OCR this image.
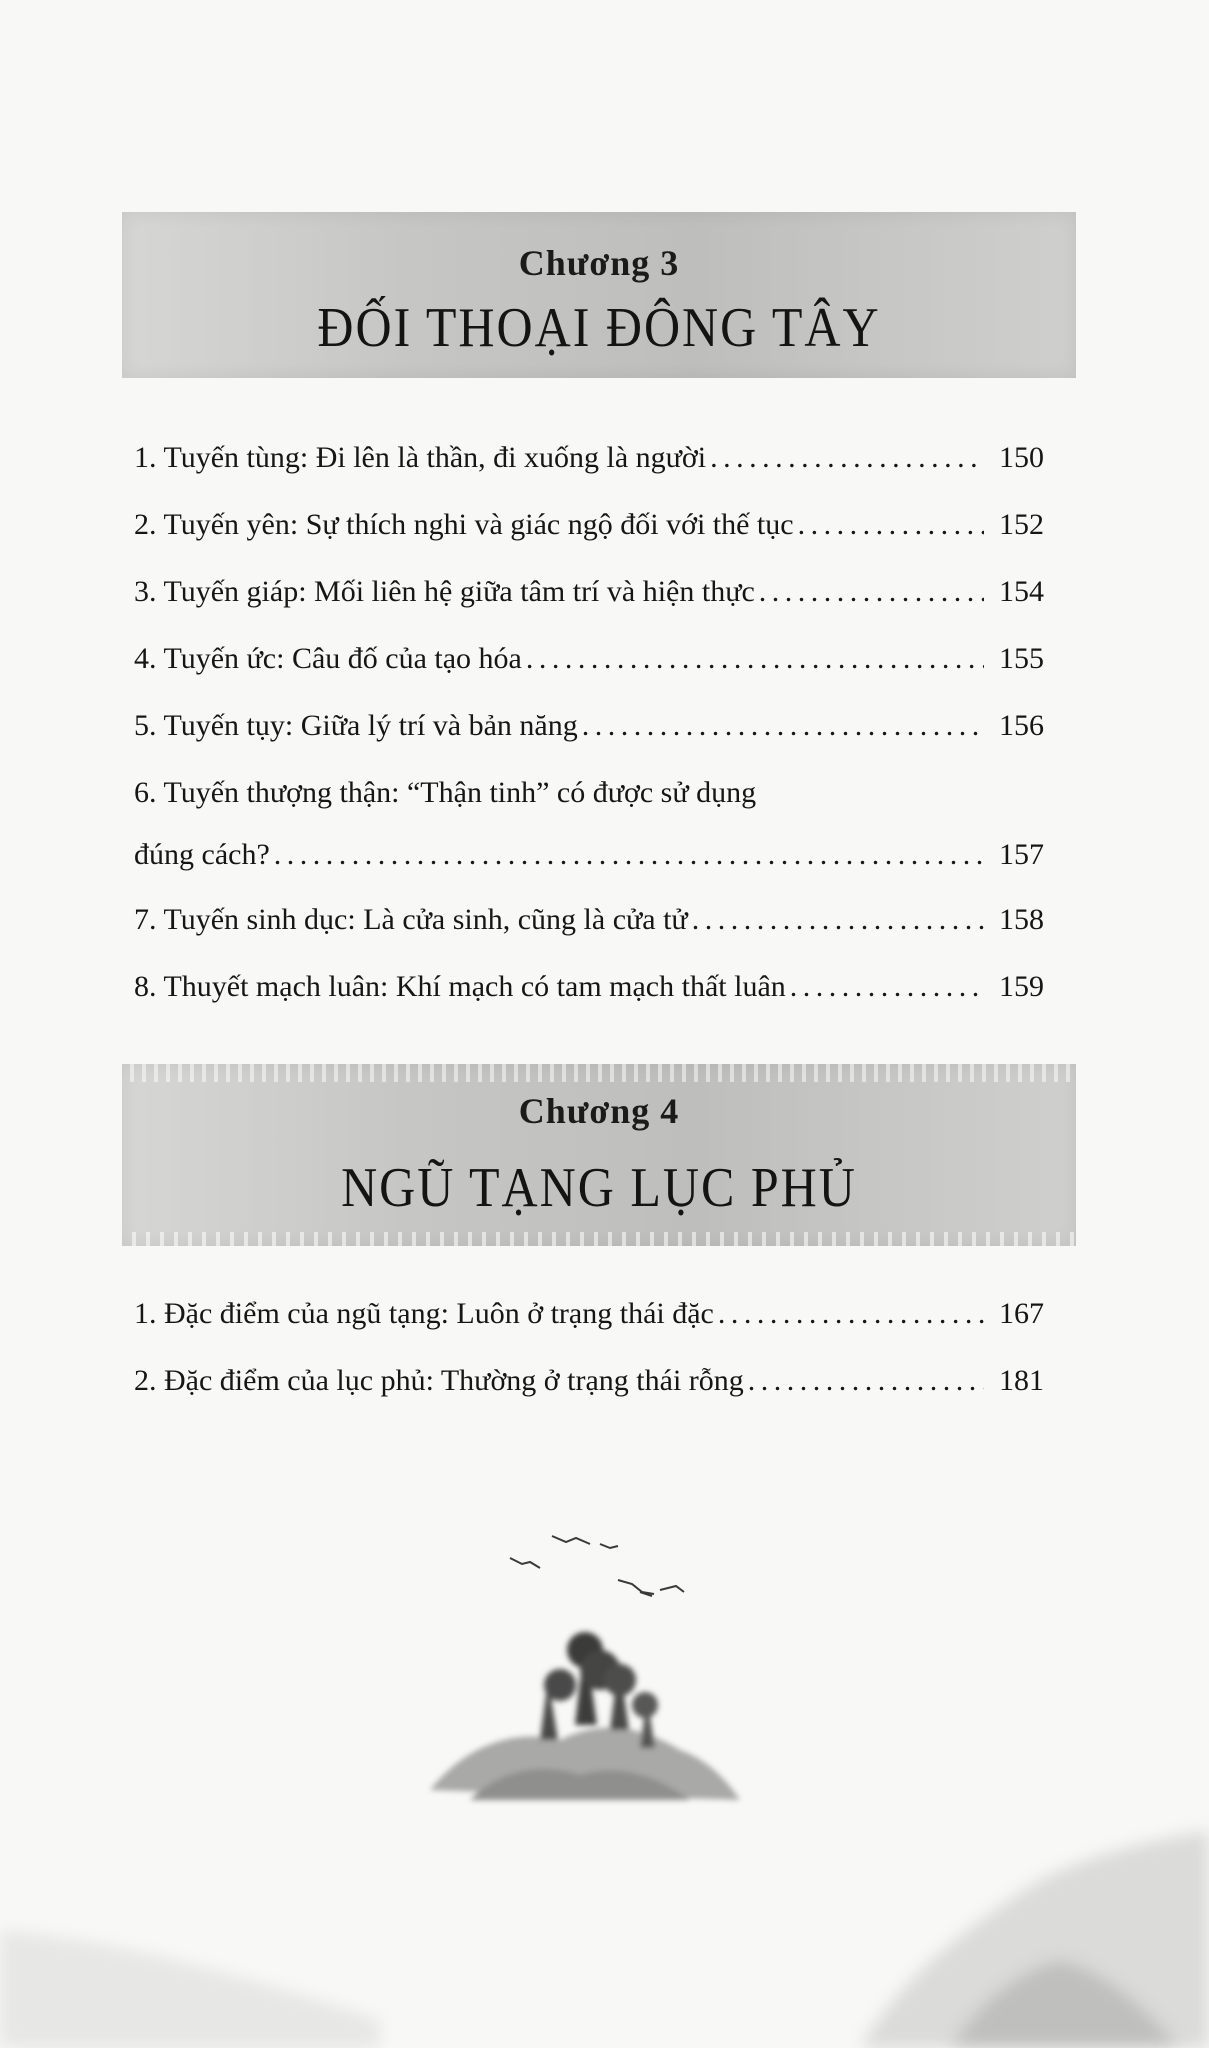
Chương 3
ĐỐI THOẠI ĐÔNG TÂY
1. Tuyến tùng: Đi lên là thần, đi xuống là người . . .	150
2. Tuyến yên: Sự thích nghi và giác ngộ đối với thế tục . . .	152
3. Tuyến giáp: Mối liên hệ giữa tâm trí và hiện thực . . .	154
4. Tuyến ức: Câu đố của tạo hóa . . .	155
5. Tuyến tụy: Giữa lý trí và bản năng . . .	156
6. Tuyến thượng thận: “Thận tinh” có được sử dụng
đúng cách? . . .	157
7. Tuyến sinh dục: Là cửa sinh, cũng là cửa tử . . .	158
8. Thuyết mạch luân: Khí mạch có tam mạch thất luân . . .	159
Chương 4
NGŨ TẠNG LỤC PHỦ
1. Đặc điểm của ngũ tạng: Luôn ở trạng thái đặc . . .	167
2. Đặc điểm của lục phủ: Thường ở trạng thái rỗng . . .	181
